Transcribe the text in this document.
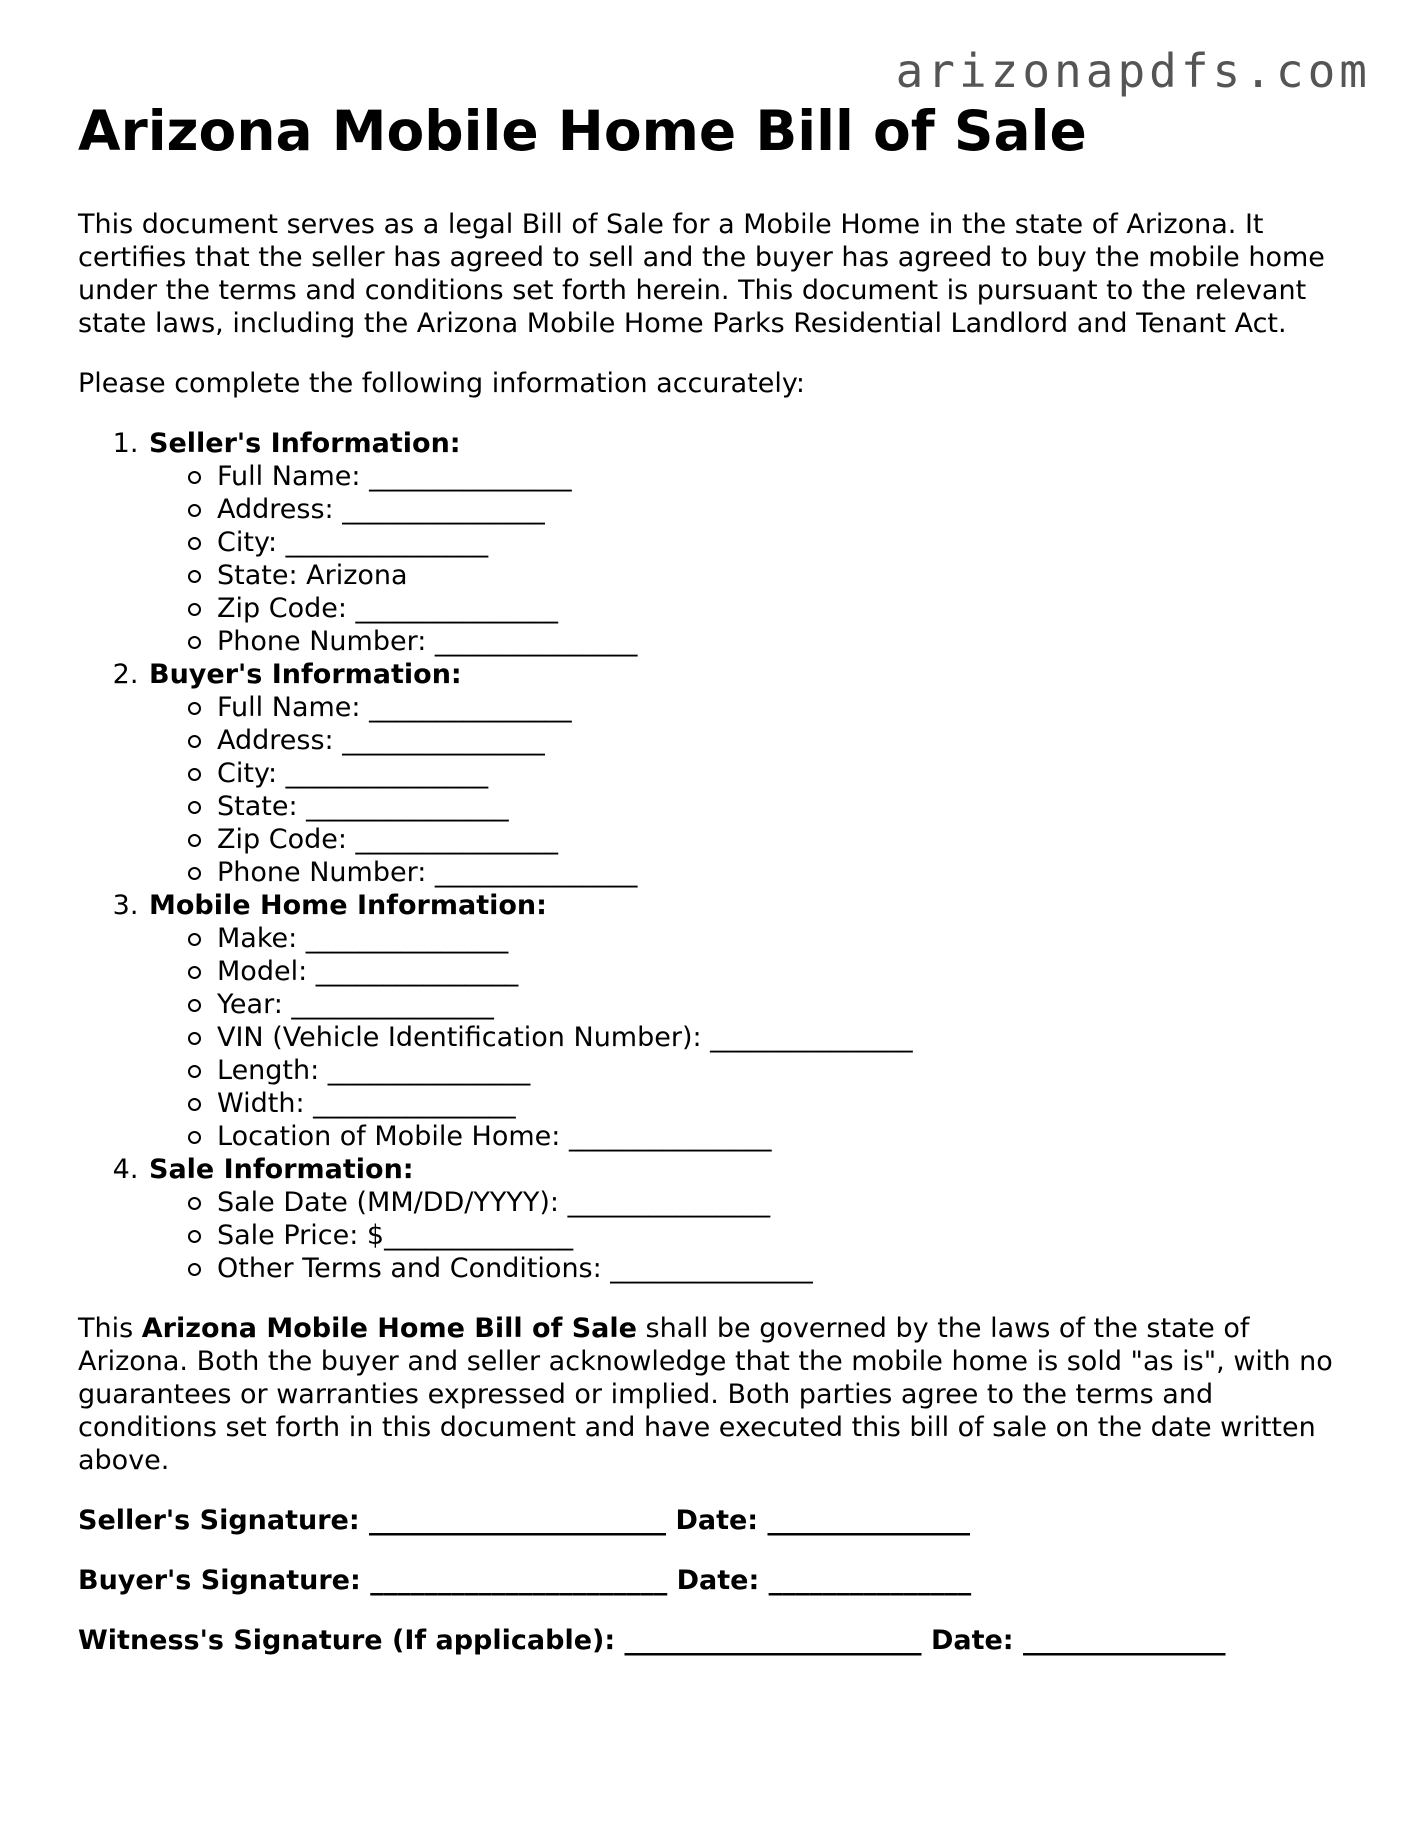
arizonapdfs.com
Arizona Mobile Home Bill of Sale

This document serves as a legal Bill of Sale for a Mobile Home in the state of Arizona. It certifies that the seller has agreed to sell and the buyer has agreed to buy the mobile home under the terms and conditions set forth herein. This document is pursuant to the relevant state laws, including the Arizona Mobile Home Parks Residential Landlord and Tenant Act.

Please complete the following information accurately:

1. Seller's Information:
Full Name: _______________
Address: _______________
City: _______________
State: Arizona
Zip Code: _______________
Phone Number: _______________
2. Buyer's Information:
Full Name: _______________
Address: _______________
City: _______________
State: _______________
Zip Code: _______________
Phone Number: _______________
3. Mobile Home Information:
Make: _______________
Model: _______________
Year: _______________
VIN (Vehicle Identification Number): _______________
Length: _______________
Width: _______________
Location of Mobile Home: _______________
4. Sale Information:
Sale Date (MM/DD/YYYY): _______________
Sale Price: $______________
Other Terms and Conditions: _______________

This Arizona Mobile Home Bill of Sale shall be governed by the laws of the state of Arizona. Both the buyer and seller acknowledge that the mobile home is sold "as is", with no guarantees or warranties expressed or implied. Both parties agree to the terms and conditions set forth in this document and have executed this bill of sale on the date written above.

Seller's Signature: ______________________ Date: _______________
Buyer's Signature: ______________________ Date: _______________
Witness's Signature (If applicable): ______________________ Date: _______________
